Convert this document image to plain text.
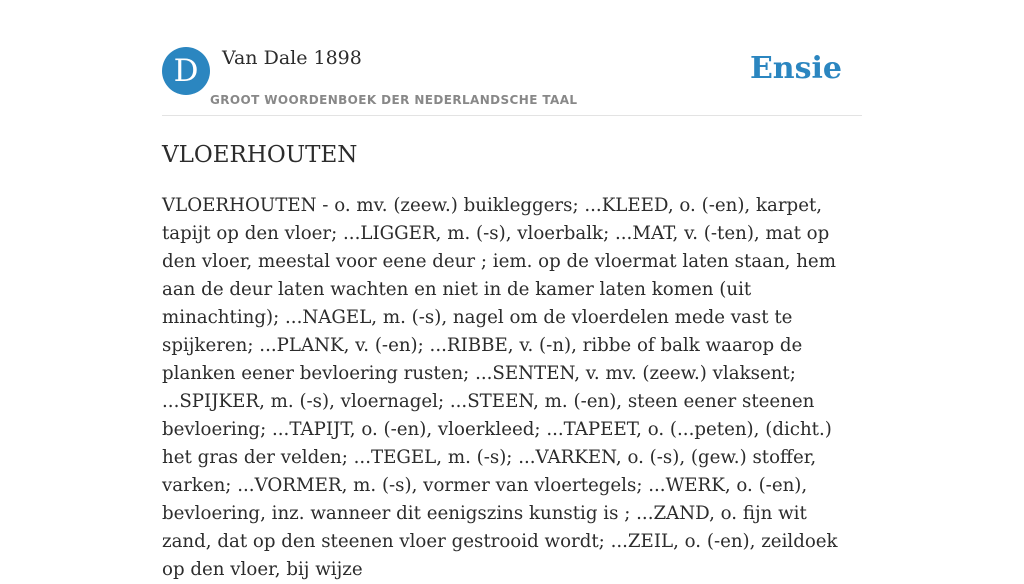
D	Van Dale 1898
GROOT WOORDENBOEK DER NEDERLANDSCHE TAAL
Ensie
VLOERHOUTEN

VLOERHOUTEN - o. mv. (zeew.) buikleggers; ...KLEED, o. (-en), karpet, tapijt op den vloer; ...LIGGER, m. (-s), vloerbalk; ...MAT, v. (-ten), mat op den vloer, meestal voor eene deur ; iem. op de vloermat laten staan, hem aan de deur laten wachten en niet in de kamer laten komen (uit minachting); ...NAGEL, m. (-s), nagel om de vloerdelen mede vast te spijkeren; ...PLANK, v. (-en); ...RIBBE, v. (-n), ribbe of balk waarop de planken eener bevloering rusten; ...SENTEN, v. mv. (zeew.) vlaksent; ...SPIJKER, m. (-s), vloernagel; ...STEEN, m. (-en), steen eener steenen bevloering; ...TAPIJT, o. (-en), vloerkleed; ...TAPEET, o. (...peten), (dicht.) het gras der velden; ...TEGEL, m. (-s); ...VARKEN, o. (-s), (gew.) stoffer, varken; ...VORMER, m. (-s), vormer van vloertegels; ...WERK, o. (-en), bevloering, inz. wanneer dit eenigszins kunstig is ; ...ZAND, o. fijn wit zand, dat op den steenen vloer gestrooid wordt; ...ZEIL, o. (-en), zeildoek op den vloer, bij wijze
